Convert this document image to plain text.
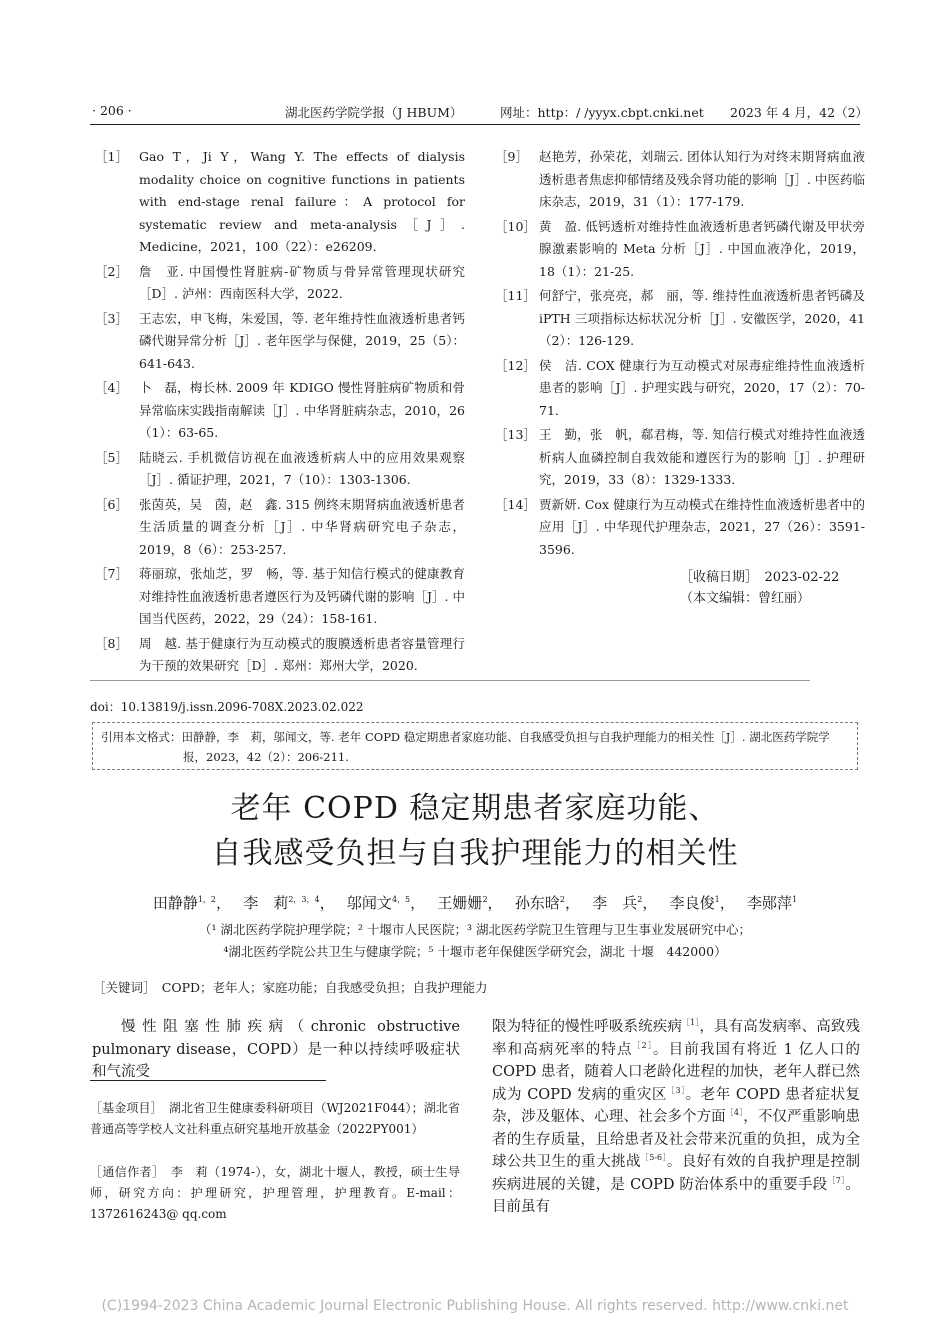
· 206 ·	湖北医药学院学报（J HBUM）	网址：http：/ /yyyx.cbpt.cnki.net 2023 年 4 月，42（2）
［1］ Gao T，Ji Y，Wang Y. The effects of dialysis modality choice on cognitive functions in patients with end-stage renal failure：A protocol for systematic review and meta-analysis［J］. Medicine，2021，100（22）：e26209.
［2］ 詹　亚. 中国慢性肾脏病-矿物质与骨异常管理现状研究［D］. 泸州：西南医科大学，2022.
［3］ 王志宏，申飞梅，朱爱国，等. 老年维持性血液透析患者钙磷代谢异常分析［J］. 老年医学与保健，2019，25（5）：641-643.
［4］ 卜　磊，梅长林. 2009 年 KDIGO 慢性肾脏病矿物质和骨异常临床实践指南解读［J］. 中华肾脏病杂志，2010，26（1）：63-65.
［5］ 陆晓云. 手机微信访视在血液透析病人中的应用效果观察［J］. 循证护理，2021，7（10）：1303-1306.
［6］ 张茵英，吴　茵，赵　鑫. 315 例终末期肾病血液透析患者生活质量的调查分析［J］. 中华肾病研究电子杂志，2019，8（6）：253-257.
［7］ 蒋丽琼，张灿芝，罗　畅，等. 基于知信行模式的健康教育对维持性血液透析患者遵医行为及钙磷代谢的影响［J］. 中国当代医药，2022，29（24）：158-161.
［8］ 周　越. 基于健康行为互动模式的腹膜透析患者容量管理行为干预的效果研究［D］. 郑州：郑州大学，2020.
［9］ 赵艳芳，孙荣花，刘瑞云. 团体认知行为对终末期肾病血液透析患者焦虑抑郁情绪及残余肾功能的影响［J］. 中医药临床杂志，2019，31（1）：177-179.
［10］ 黄　盈. 低钙透析对维持性血液透析患者钙磷代谢及甲状旁腺激素影响的 Meta 分析［J］. 中国血液净化，2019，18（1）：21-25.
［11］ 何舒宁，张亮亮，郝　丽，等. 维持性血液透析患者钙磷及 iPTH 三项指标达标状况分析［J］. 安徽医学，2020，41（2）：126-129.
［12］ 侯　洁. COX 健康行为互动模式对尿毒症维持性血液透析患者的影响［J］. 护理实践与研究，2020，17（2）：70-71.
［13］ 王　勤，张　帆，郗君梅，等. 知信行模式对维持性血液透析病人血磷控制自我效能和遵医行为的影响［J］. 护理研究，2019，33（8）：1329-1333.
［14］ 贾新妍. Cox 健康行为互动模式在维持性血液透析患者中的应用［J］. 中华现代护理杂志，2021，27（26）：3591-3596.
［收稿日期］　2023-02-22
（本文编辑：曾红丽）
doi：10.13819/j.issn.2096-708X.2023.02.022
引用本文格式：田静静，李　莉，邬闻文，等. 老年 COPD 稳定期患者家庭功能、自我感受负担与自我护理能力的相关性［J］. 湖北医药学院学
报，2023，42（2）：206-211.
老年 COPD 稳定期患者家庭功能、
自我感受负担与自我护理能力的相关性
田静静$^{1,2}$，　 李　莉$^{2,3,4}$，　 邬闻文$^{4,5}$，　 王姗姗$^2$，　 孙东晗$^2$，　 李　兵$^2$，　 李良俊$^1$，　 李郧萍$^1$
（¹ 湖北医药学院护理学院；² 十堰市人民医院；³ 湖北医药学院卫生管理与卫生事业发展研究中心；
⁴湖北医药学院公共卫生与健康学院；⁵ 十堰市老年保健医学研究会，湖北 十堰　442000）
［关键词］　 COPD；老年人；家庭功能；自我感受负担；自我护理能力
慢性阻塞性肺疾病（chronic obstructive pulmonary disease，COPD）是一种以持续呼吸症状和气流受
［基金项目］　 湖北省卫生健康委科研项目（WJ2021F044）；湖北省普通高等学校人文社科重点研究基地开放基金（2022PY001）
［通信作者］　 李　莉（1974-），女，湖北十堰人，教授，硕士生导师，研究方向：护理研究，护理管理，护理教育。E-mail：1372616243@ qq.com
限为特征的慢性呼吸系统疾病$^{[1]}$，具有高发病率、高致残率和高病死率的特点$^{[2]}$。目前我国有将近 1 亿人口的 COPD 患者，随着人口老龄化进程的加快，老年人群已然成为 COPD 发病的重灾区$^{[3]}$。老年 COPD 患者症状复杂，涉及躯体、心理、社会多个方面$^{[4]}$，不仅严重影响患者的生存质量，且给患者及社会带来沉重的负担，成为全球公共卫生的重大挑战$^{[5-6]}$。良好有效的自我护理是控制疾病进展的关键，是 COPD 防治体系中的重要手段$^{[7]}$。目前虽有
(C)1994-2023 China Academic Journal Electronic Publishing House. All rights reserved. http://www.cnki.net
